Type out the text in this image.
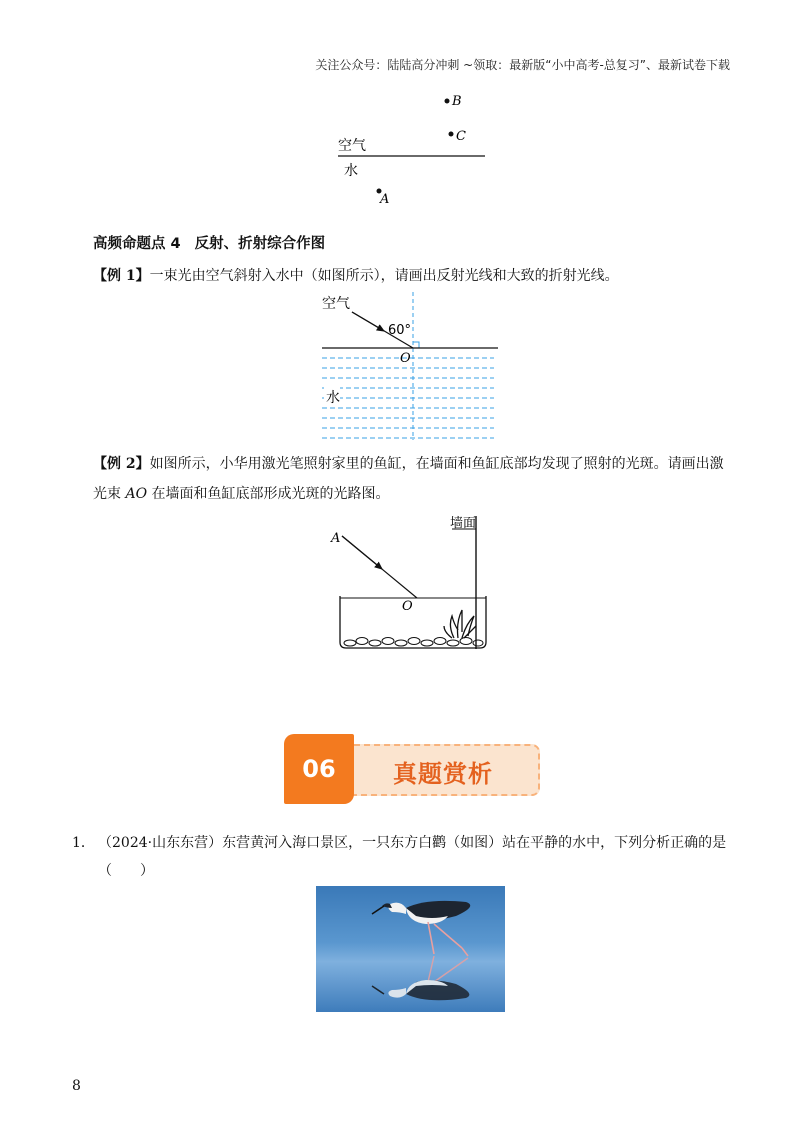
关注公众号：陆陆高分冲刺 ~领取：最新版“小中高考-总复习”、最新试卷下载
空气
水
B
C
A
高频命题点 4 反射、折射综合作图
【例 1】一束光由空气斜射入水中（如图所示），请画出反射光线和大致的折射光线。
空气
60°
O
水
【例 2】如图所示，小华用激光笔照射家里的鱼缸，在墙面和鱼缸底部均发现了照射的光斑。请画出激
光束 AO 在墙面和鱼缸底部形成光斑的光路图。
墙面
A
O
真题赏析
06
1． （2024·山东东营）东营黄河入海口景区，一只东方白鹳（如图）站在平静的水中，下列分析正确的是
（　　）
8
